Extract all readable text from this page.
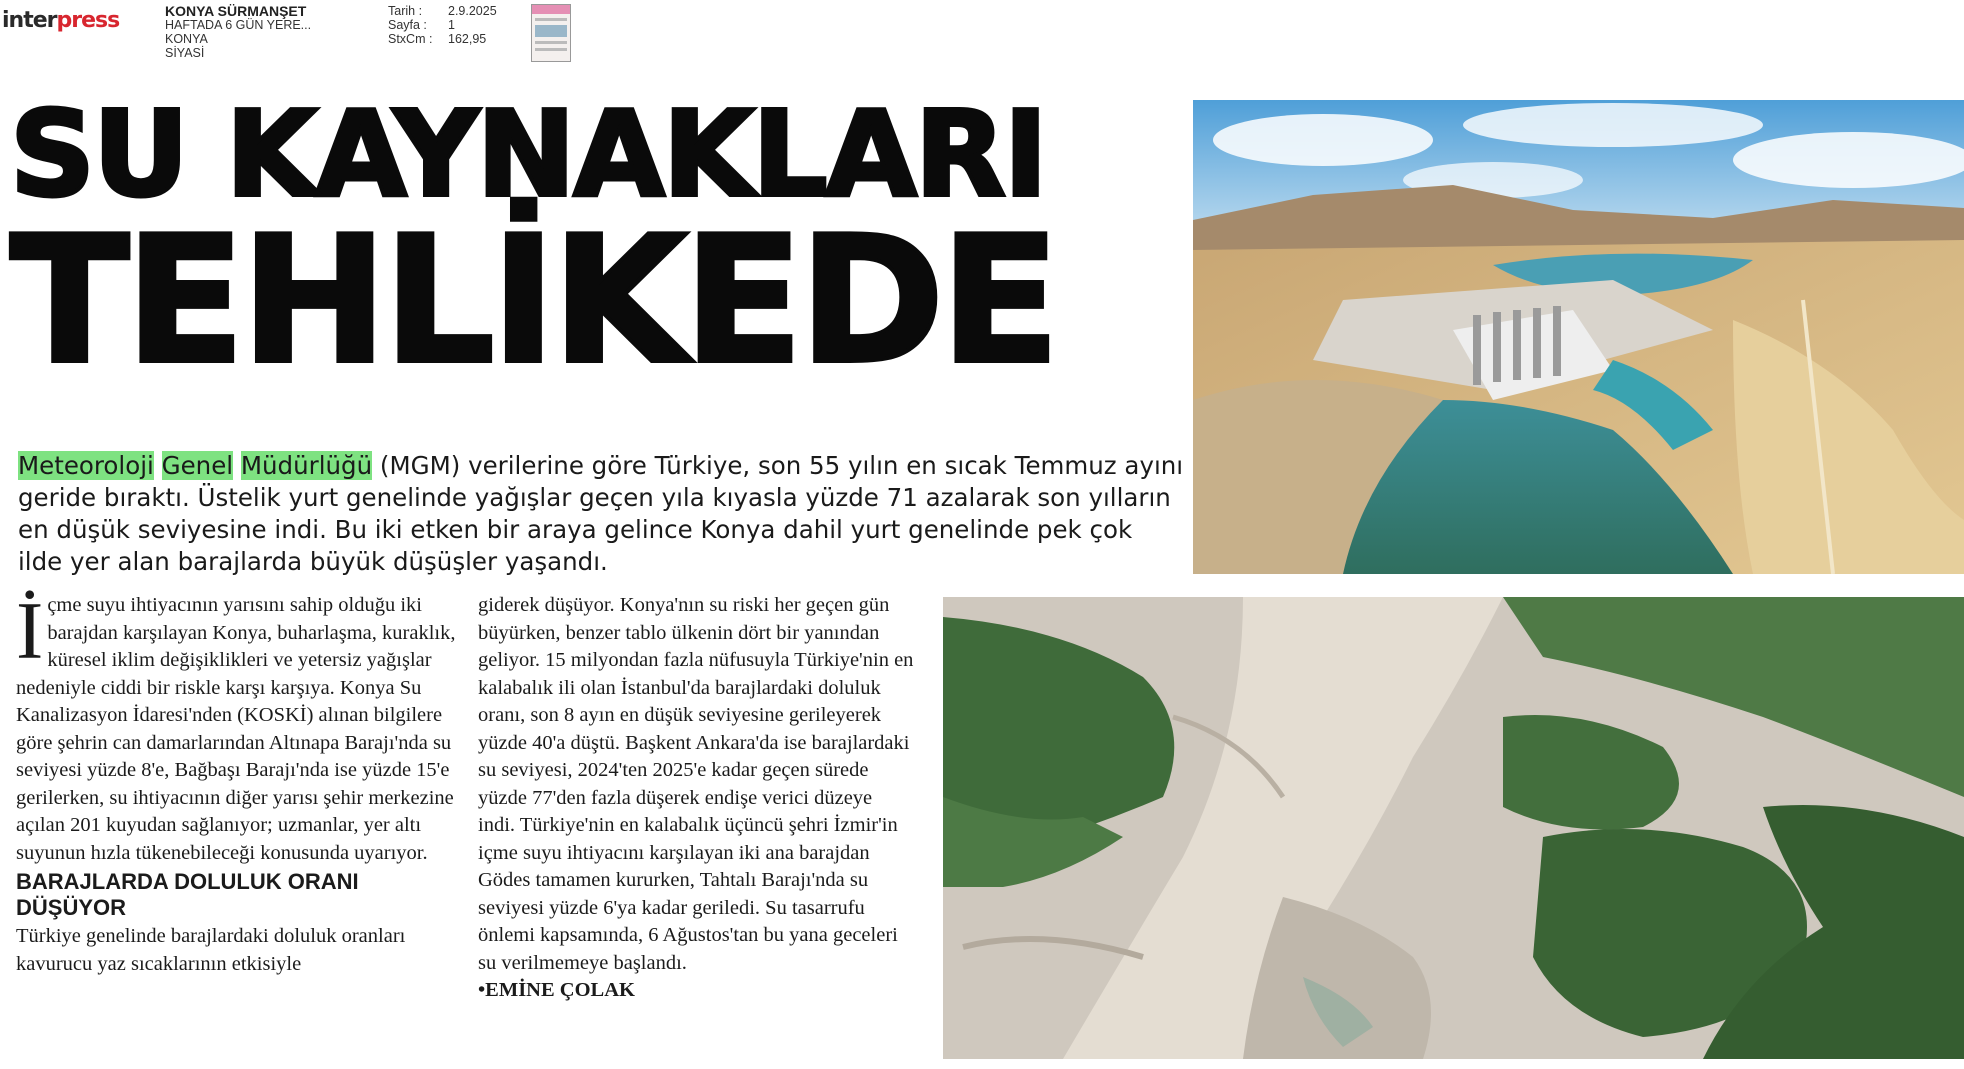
interpress	KONYA SÜRMANŞET
HAFTADA 6 GÜN YERE...
KONYA
SİYASİ
Tarih :	2.9.2025
Sayfa :	1
StxCm :	162,95
SU KAYNAKLARI
TEHLİKEDE

Meteoroloji Genel Müdürlüğü (MGM) verilerine göre Türkiye, son 55 yılın en sıcak Temmuz ayını geride bıraktı. Üstelik yurt genelinde yağışlar geçen yıla kıyasla yüzde 71 azalarak son yılların en düşük seviyesine indi. Bu iki etken bir araya gelince Konya dahil yurt genelinde pek çok ilde yer alan barajlarda büyük düşüşler yaşandı.

İ çme suyu ihtiyacının yarısını sahip olduğu iki barajdan karşılayan Konya, buharlaşma, kuraklık, küresel iklim değişiklikleri ve yetersiz yağışlar nedeniyle ciddi bir riskle karşı karşıya. Konya Su Kanalizasyon İdaresi'nden (KOSKİ) alınan bilgilere göre şehrin can damarlarından Altınapa Barajı'nda su seviyesi yüzde 8'e, Bağbaşı Barajı'nda ise yüzde 15'e gerilerken, su ihtiyacının diğer yarısı şehir merkezine açılan 201 kuyudan sağlanıyor; uzmanlar, yer altı suyunun hızla tükenebileceği konusunda uyarıyor.

BARAJLARDA DOLULUK ORANI DÜŞÜYOR

Türkiye genelinde barajlardaki doluluk oranları kavurucu yaz sıcaklarının etkisiyle

giderek düşüyor. Konya'nın su riski her geçen gün büyürken, benzer tablo ülkenin dört bir yanından geliyor. 15 milyondan fazla nüfusuyla Türkiye'nin en kalabalık ili olan İstanbul'da barajlardaki doluluk oranı, son 8 ayın en düşük seviyesine gerileyerek yüzde 40'a düştü. Başkent Ankara'da ise barajlardaki su seviyesi, 2024'ten 2025'e kadar geçen sürede yüzde 77'den fazla düşerek endişe verici düzeye indi. Türkiye'nin en kalabalık üçüncü şehri İzmir'in içme suyu ihtiyacını karşılayan iki ana barajdan Gödes tamamen kururken, Tahtalı Barajı'nda su seviyesi yüzde 6'ya kadar geriledi. Su tasarrufu önlemi kapsamında, 6 Ağustos'tan bu yana geceleri su verilmemeye başlandı.

•EMİNE ÇOLAK
